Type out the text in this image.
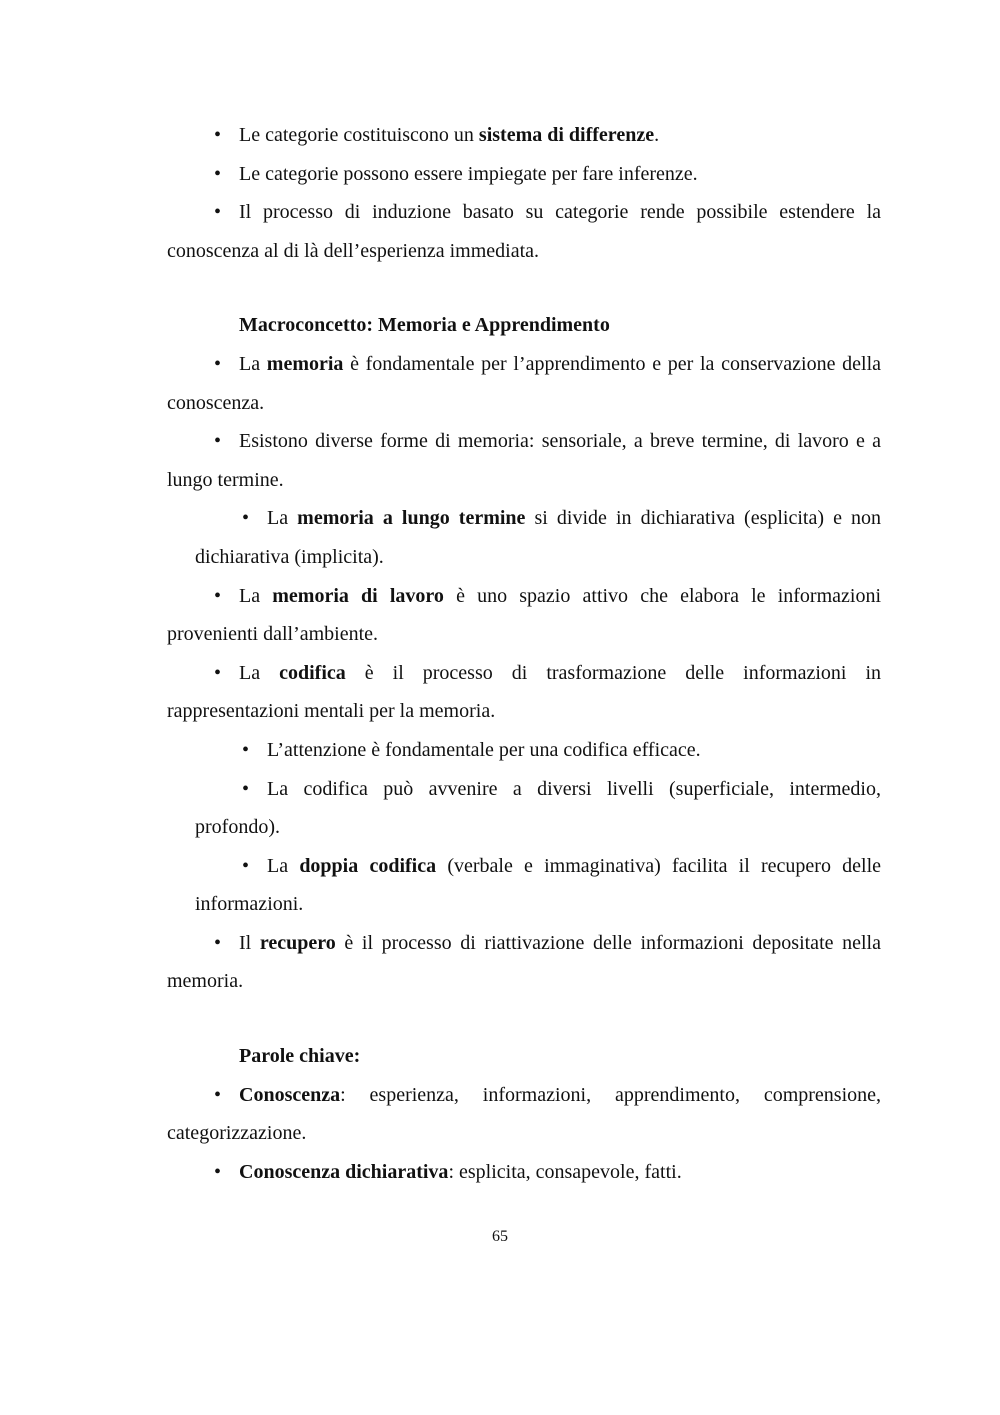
• Le categorie costituiscono un sistema di differenze.

• Le categorie possono essere impiegate per fare inferenze.

• Il processo di induzione basato su categorie rende possibile estendere la conoscenza al di là dell’esperienza immediata.

Macroconcetto: Memoria e Apprendimento

• La memoria è fondamentale per l’apprendimento e per la conservazione della conoscenza.

• Esistono diverse forme di memoria: sensoriale, a breve termine, di lavoro e a lungo termine.

• La memoria a lungo termine si divide in dichiarativa (esplicita) e non dichiarativa (implicita).

• La memoria di lavoro è uno spazio attivo che elabora le informazioni provenienti dall’ambiente.

• La codifica è il processo di trasformazione delle informazioni in rappresentazioni mentali per la memoria.

• L’attenzione è fondamentale per una codifica efficace.

• La codifica può avvenire a diversi livelli (superficiale, intermedio, profondo).

• La doppia codifica (verbale e immaginativa) facilita il recupero delle informazioni.

• Il recupero è il processo di riattivazione delle informazioni depositate nella memoria.

Parole chiave:

• Conoscenza: esperienza, informazioni, apprendimento, comprensione, categorizzazione.

• Conoscenza dichiarativa: esplicita, consapevole, fatti.

65
